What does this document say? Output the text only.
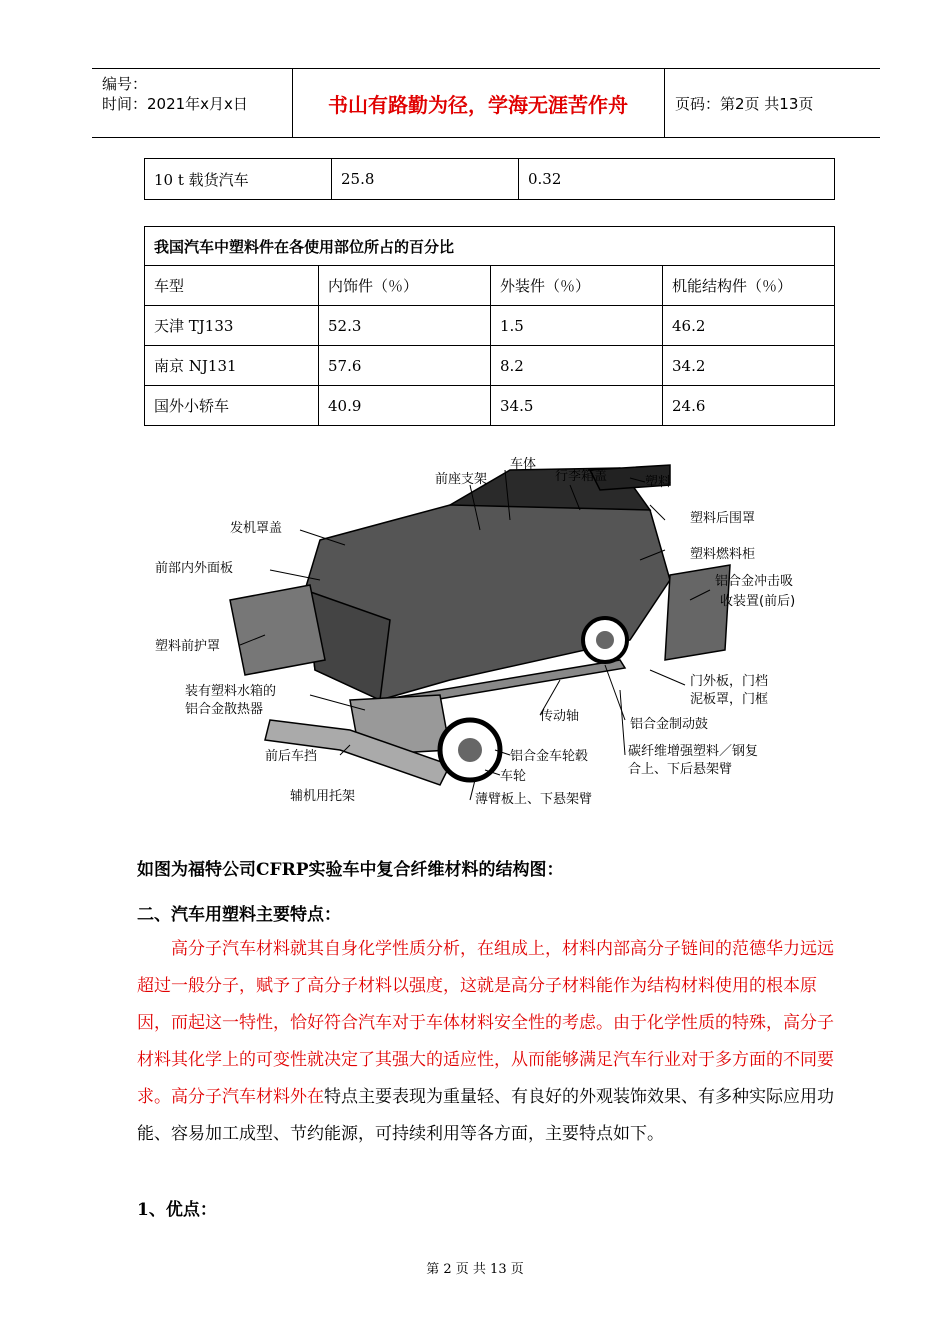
编号：
时间：2021年x月x日	书山有路勤为径，学海无涯苦作舟	页码：第2页 共13页
10 t 载货汽车	25.8	0.32
我国汽车中塑料件在各使用部位所占的百分比			
车型	内饰件（％）	外装件（％）	机能结构件（％）
天津 TJ133	52.3	1.5	46.2
南京 NJ131	57.6	8.2	34.2
国外小轿车	40.9	34.5	24.6
车体
前座支架	行李箱盖	塑料
塑料后围罩
塑料燃料柜
发机罩盖
前部内外面板
铝合金冲击吸
收装置(前后)
塑料前护罩
门外板，门档
泥板罩，门框
装有塑料水箱的
铝合金散热器	传动轴
铝合金制动鼓
前后车挡	铝合金车轮毂	碳纤维增强塑料／钢复
合上、下后悬架臂
车轮
辅机用托架	薄臂板上、下悬架臂
如图为福特公司CFRP实验车中复合纤维材料的结构图：
二、汽车用塑料主要特点：
高分子汽车材料就其自身化学性质分析，在组成上，材料内部高分子链间的范德华力远远超过一般分子，赋予了高分子材料以强度，这就是高分子材料能作为结构材料使用的根本原因，而起这一特性，恰好符合汽车对于车体材料安全性的考虑。由于化学性质的特殊，高分子材料其化学上的可变性就决定了其强大的适应性，从而能够满足汽车行业对于多方面的不同要求。高分子汽车材料外在特点主要表现为重量轻、有良好的外观装饰效果、有多种实际应用功能、容易加工成型、节约能源，可持续利用等各方面，主要特点如下。
1、优点：
第 2 页 共 13 页
